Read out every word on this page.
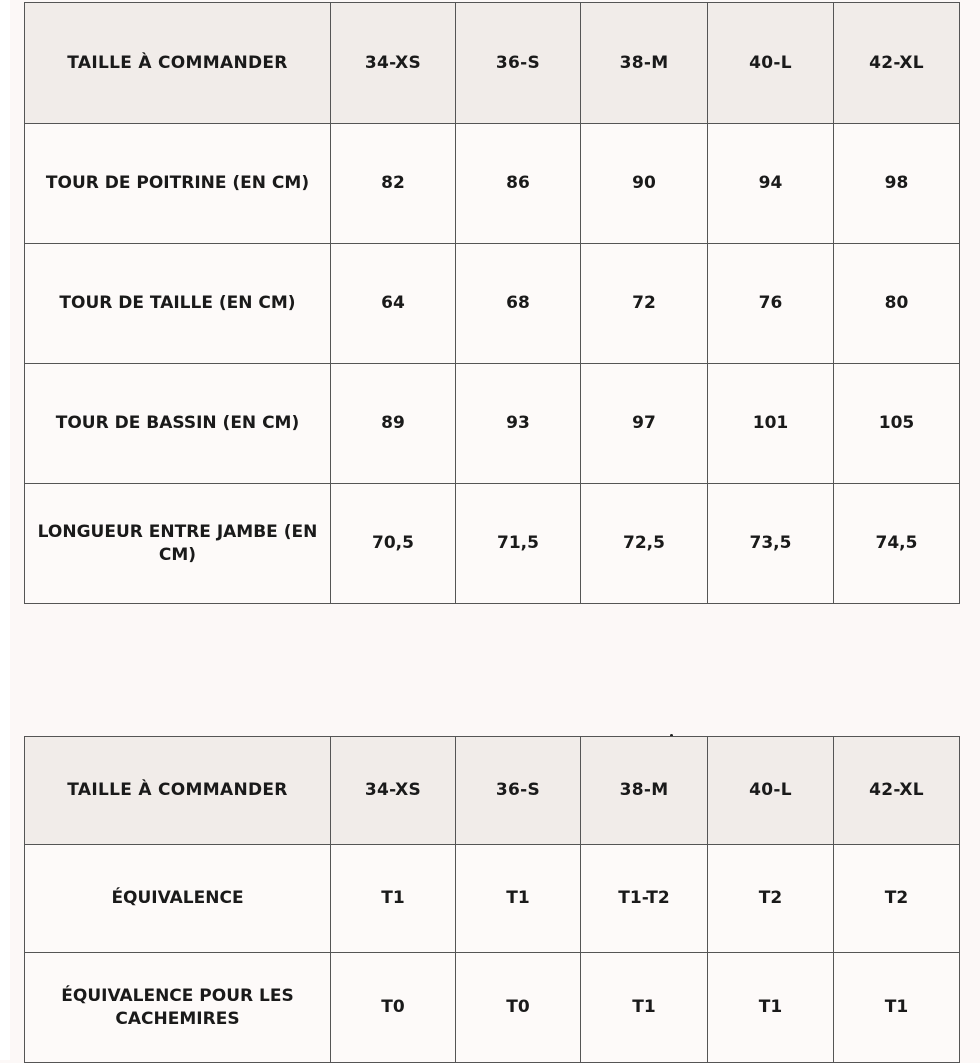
TAILLE À COMMANDER	34-XS	36-S	38-M	40-L	42-XL
TOUR DE POITRINE (EN CM)	82	86	90	94	98
TOUR DE TAILLE (EN CM)	64	68	72	76	80
TOUR DE BASSIN (EN CM)	89	93	97	101	105
LONGUEUR ENTRE JAMBE (EN CM)	70,5	71,5	72,5	73,5	74,5
TAILLE À COMMANDER	34-XS	36-S	38-M	40-L	42-XL
ÉQUIVALENCE	T1	T1	T1-T2	T2	T2
ÉQUIVALENCE POUR LES CACHEMIRES	T0	T0	T1	T1	T1
